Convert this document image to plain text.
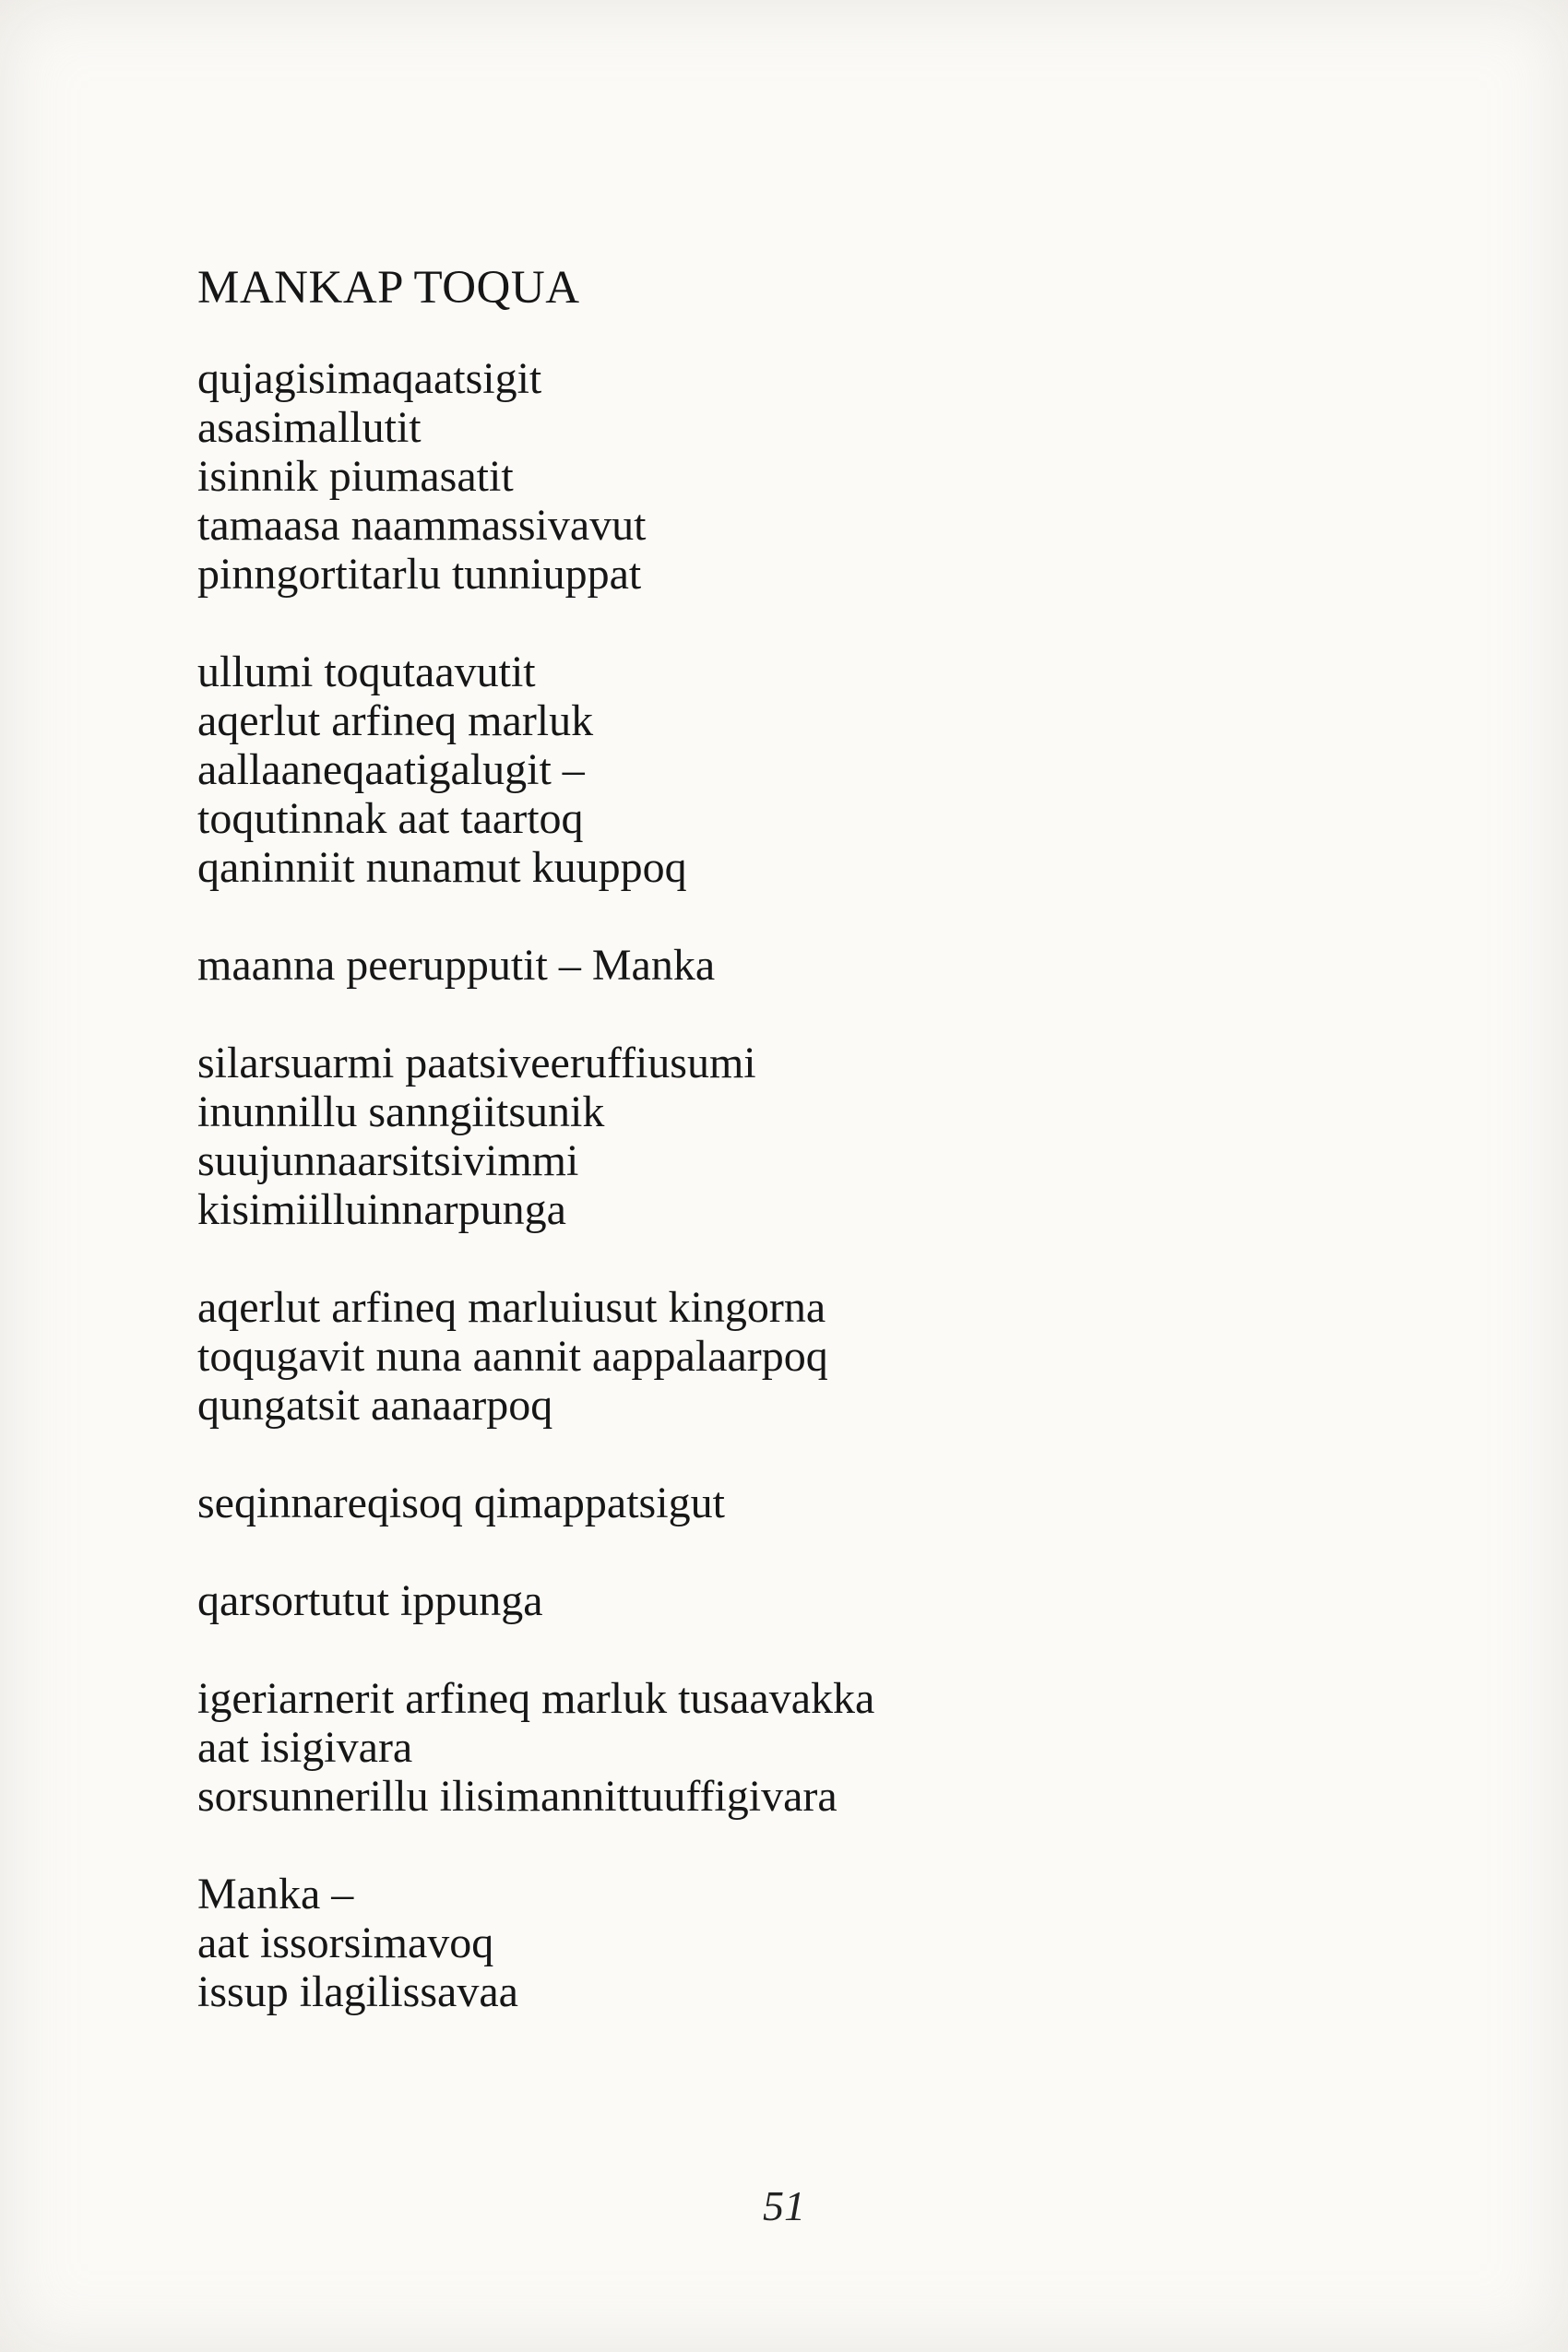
MANKAP TOQUA
qujagisimaqaatsigit
asasimallutit
isinnik piumasatit
tamaasa naammassivavut
pinngortitarlu tunniuppat
ullumi toqutaavutit
aqerlut arfineq marluk
aallaaneqaatigalugit –
toqutinnak aat taartoq
qaninniit nunamut kuuppoq
maanna peerupputit – Manka
silarsuarmi paatsiveeruffiusumi
inunnillu sanngiitsunik
suujunnaarsitsivimmi
kisimiilluinnarpunga
aqerlut arfineq marluiusut kingorna
toqugavit nuna aannit aappalaarpoq
qungatsit aanaarpoq
seqinnareqisoq qimappatsigut
qarsortutut ippunga
igeriarnerit arfineq marluk tusaavakka
aat isigivara
sorsunnerillu ilisimannittuuffigivara
Manka –
aat issorsimavoq
issup ilagilissavaa
51
